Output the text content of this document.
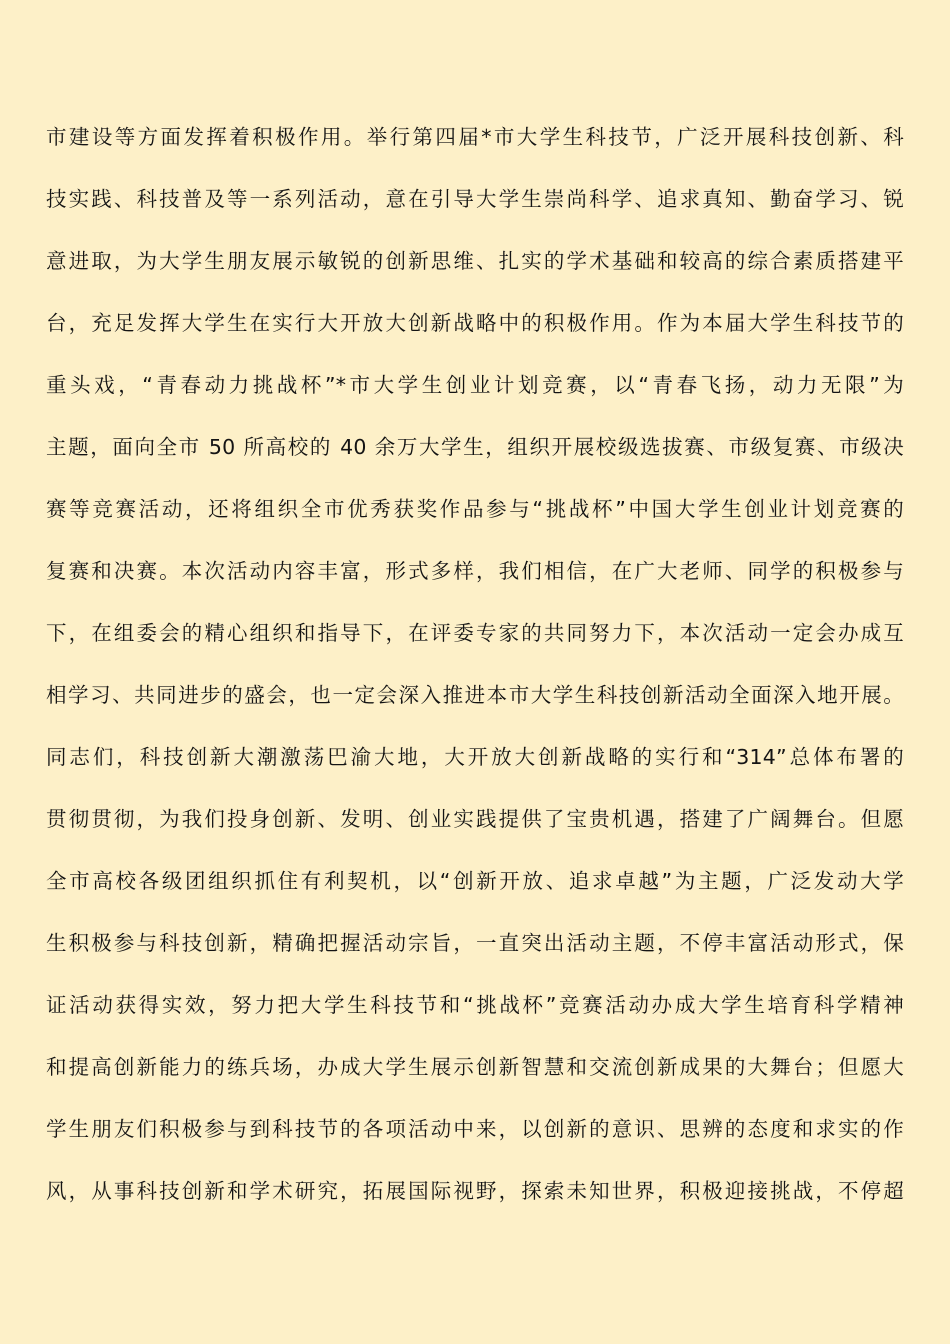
市建设等方面发挥着积极作用。举行第四届*市大学生科技节，广泛开展科技创新、科
技实践、科技普及等一系列活动，意在引导大学生崇尚科学、追求真知、勤奋学习、锐
意进取，为大学生朋友展示敏锐的创新思维、扎实的学术基础和较高的综合素质搭建平
台，充足发挥大学生在实行大开放大创新战略中的积极作用。作为本届大学生科技节的
重头戏，“青春动力挑战杯”*市大学生创业计划竞赛，以“青春飞扬，动力无限”为
主题，面向全市 50 所高校的 40 余万大学生，组织开展校级选拔赛、市级复赛、市级决
赛等竞赛活动，还将组织全市优秀获奖作品参与“挑战杯”中国大学生创业计划竞赛的
复赛和决赛。本次活动内容丰富，形式多样，我们相信，在广大老师、同学的积极参与
下，在组委会的精心组织和指导下，在评委专家的共同努力下，本次活动一定会办成互
相学习、共同进步的盛会，也一定会深入推进本市大学生科技创新活动全面深入地开展。
同志们，科技创新大潮激荡巴渝大地，大开放大创新战略的实行和“314”总体布署的
贯彻贯彻，为我们投身创新、发明、创业实践提供了宝贵机遇，搭建了广阔舞台。但愿
全市高校各级团组织抓住有利契机，以“创新开放、追求卓越”为主题，广泛发动大学
生积极参与科技创新，精确把握活动宗旨，一直突出活动主题，不停丰富活动形式，保
证活动获得实效，努力把大学生科技节和“挑战杯”竞赛活动办成大学生培育科学精神
和提高创新能力的练兵场，办成大学生展示创新智慧和交流创新成果的大舞台；但愿大
学生朋友们积极参与到科技节的各项活动中来，以创新的意识、思辨的态度和求实的作
风，从事科技创新和学术研究，拓展国际视野，探索未知世界，积极迎接挑战，不停超
